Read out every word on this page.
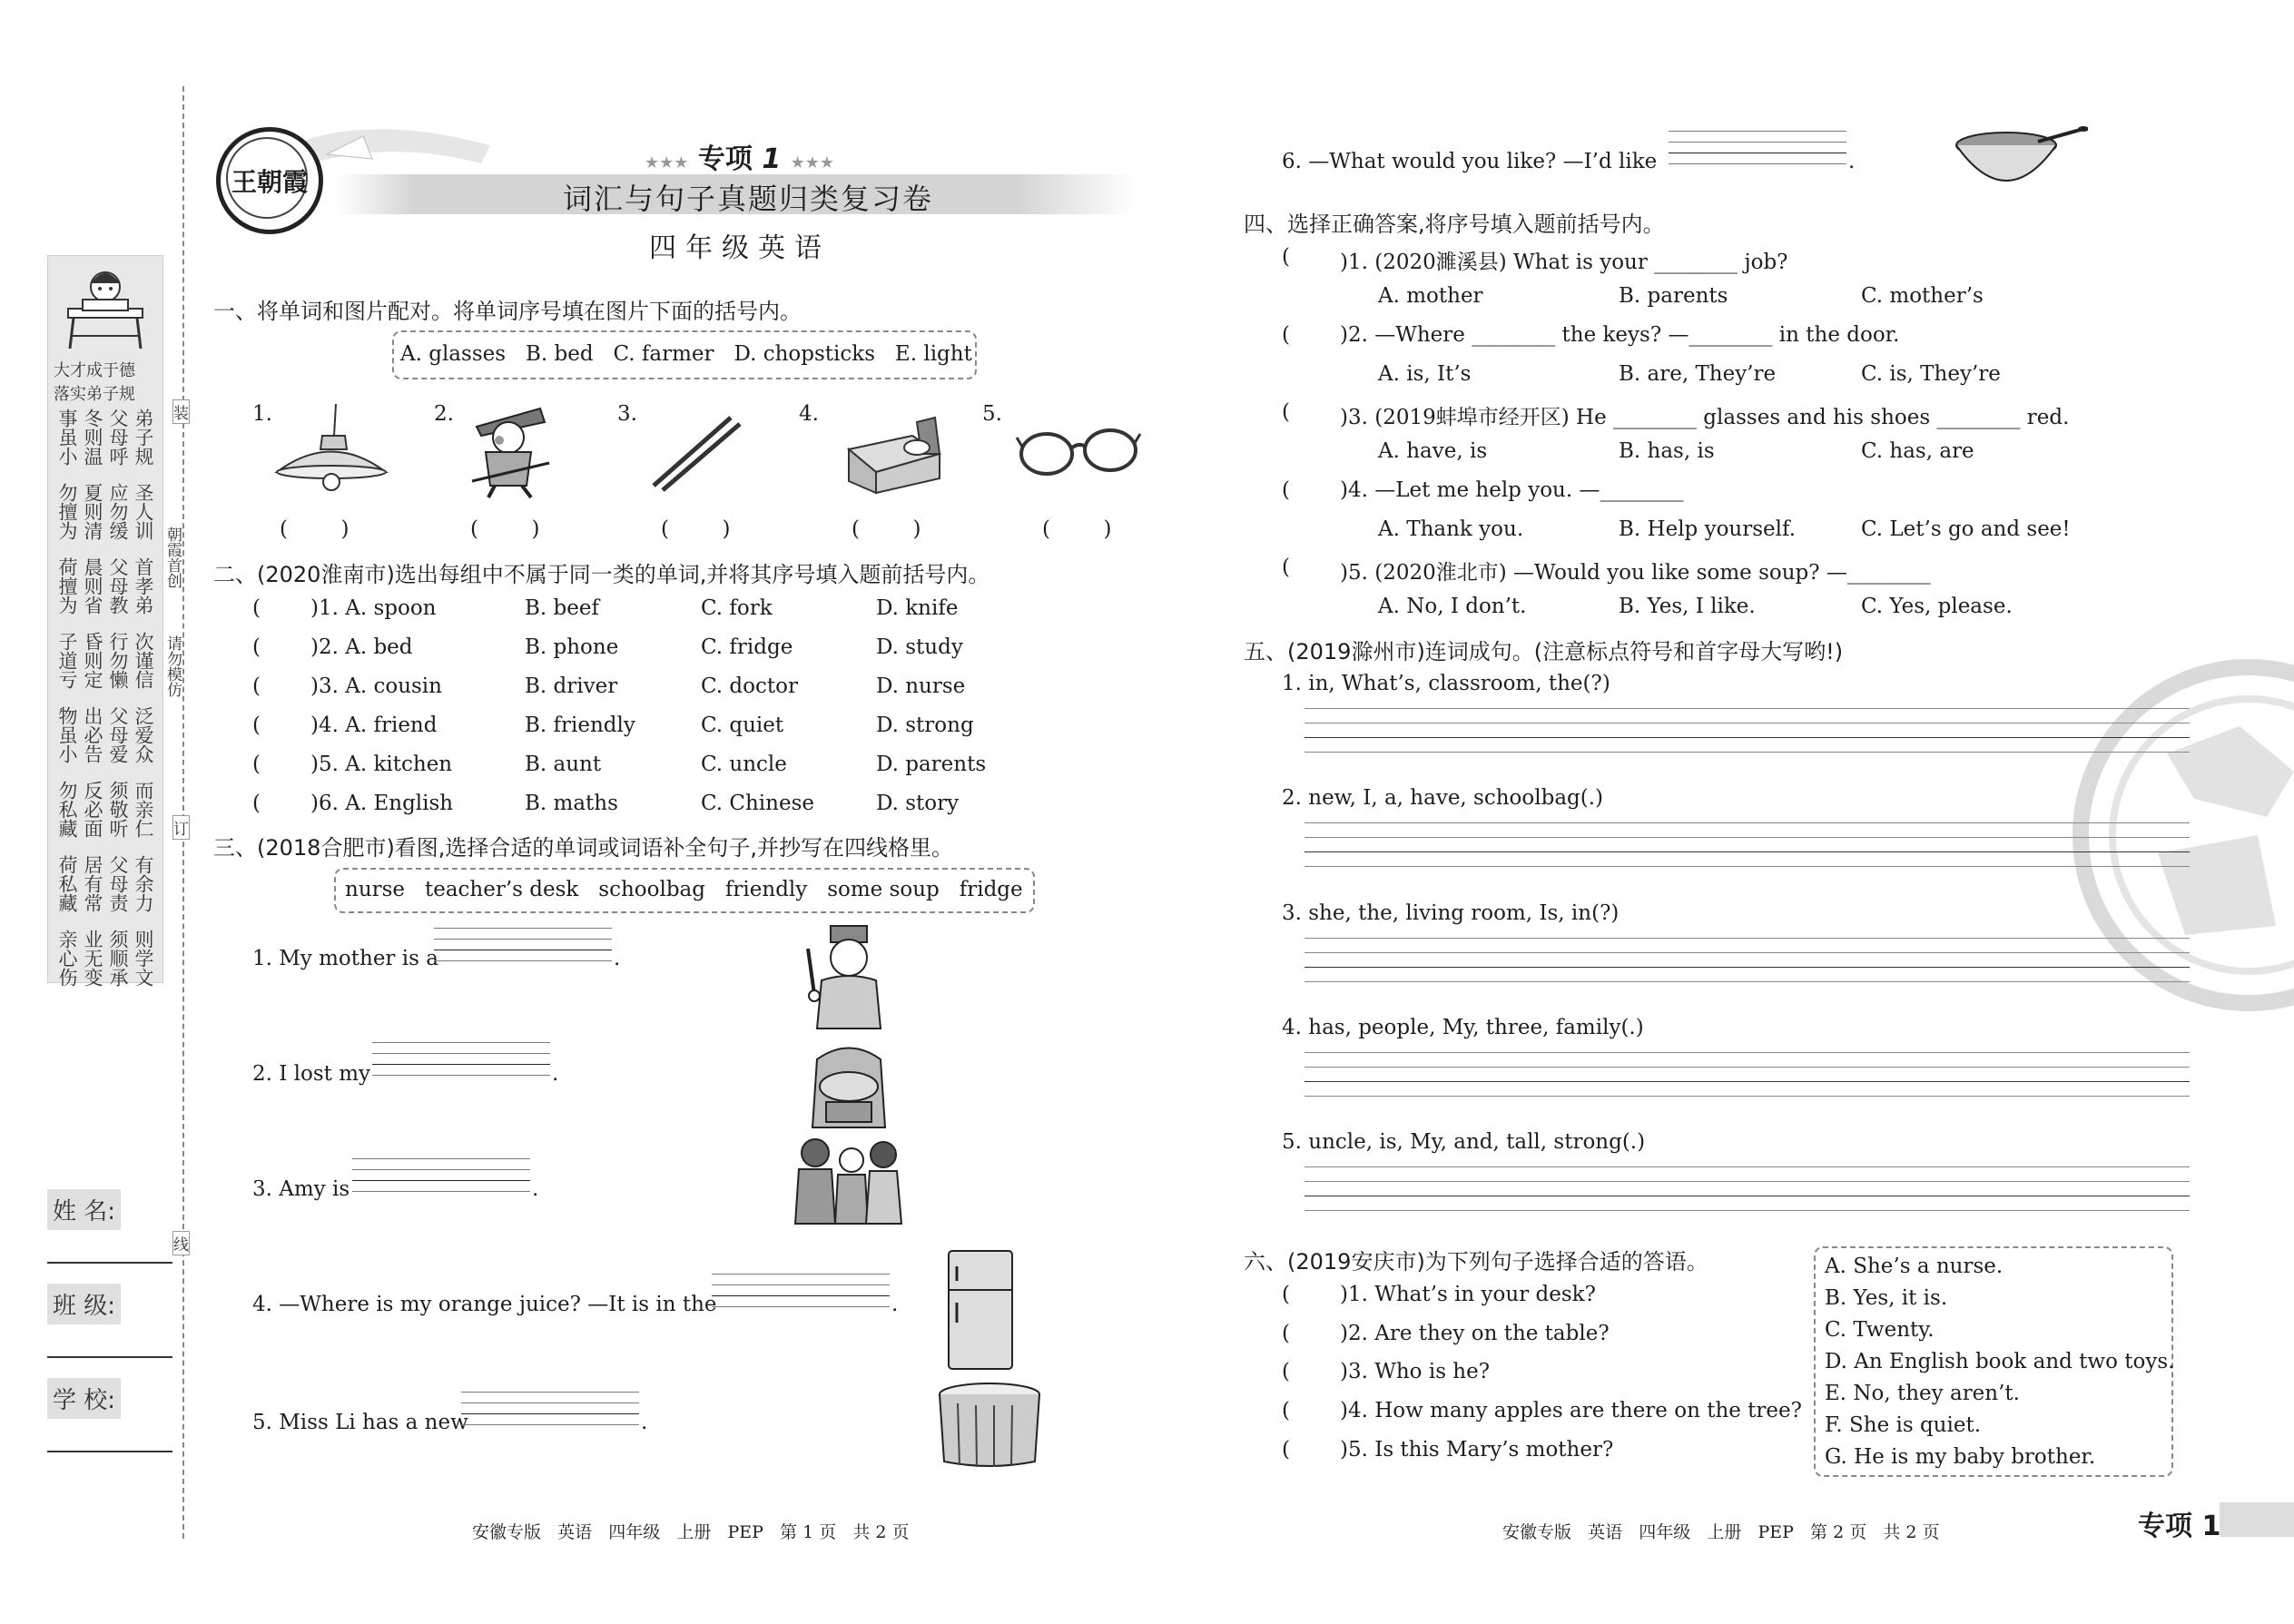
大才成于德
落实弟子规
事虽小 冬则温 父母呼 弟子规
勿擅为 夏则清 应勿缓 圣人训
荷擅为 晨则省 父母教 首孝弟
子道亏 昏则定 行勿懒 次谨信
物虽小 出必告 父母爱 泛爱众
勿私藏 反必面 须敬听 而亲仁
荷私藏 居有常 父母责 有余力
亲心伤 业无变 须顺承 则学文
朝霞首创
请勿模仿
装
订
线
姓 名:
班 级:
学 校:
王朝霞
★★★ 专项 1 ★★★
词汇与句子真题归类复习卷
四年级英语
一、将单词和图片配对。将单词序号填在图片下面的括号内。
A. glasses   B. bed   C. farmer   D. chopsticks   E. light
1.	2.	3.	4.	5.
(        )	(        )	(        )	(        )	(        )
二、(2020淮南市)选出每组中不属于同一类的单词,并将其序号填入题前括号内。
( )1. A. spoon	B. beef	C. fork	D. knife
( )2. A. bed	B. phone	C. fridge	D. study
( )3. A. cousin	B. driver	C. doctor	D. nurse
( )4. A. friend	B. friendly	C. quiet	D. strong
( )5. A. kitchen	B. aunt	C. uncle	D. parents
( )6. A. English	B. maths	C. Chinese	D. story
三、(2018合肥市)看图,选择合适的单词或词语补全句子,并抄写在四线格里。
nurse   teacher’s desk   schoolbag   friendly   some soup   fridge
1. My mother is a	.
2. I lost my	.
3. Amy is	.
4. —Where is my orange juice? —It is in the	.
5. Miss Li has a new	.
6. —What would you like? —I’d like	.
四、选择正确答案,将序号填入题前括号内。
( )1. (2020濉溪县) What is your ________ job?
A. mother	B. parents	C. mother’s
( )2. —Where ________ the keys? —________ in the door.
A. is, It’s	B. are, They’re	C. is, They’re
( )3. (2019蚌埠市经开区) He ________ glasses and his shoes ________ red.
A. have, is	B. has, is	C. has, are
( )4. —Let me help you. —________
A. Thank you.	B. Help yourself.	C. Let’s go and see!
( )5. (2020淮北市) —Would you like some soup? —________
A. No, I don’t.	B. Yes, I like.	C. Yes, please.
五、(2019滁州市)连词成句。(注意标点符号和首字母大写哟!)
1. in, What’s, classroom, the(?)
2. new, I, a, have, schoolbag(.)
3. she, the, living room, Is, in(?)
4. has, people, My, three, family(.)
5. uncle, is, My, and, tall, strong(.)
六、(2019安庆市)为下列句子选择合适的答语。
( )1. What’s in your desk?
( )2. Are they on the table?
( )3. Who is he?
( )4. How many apples are there on the tree?
( )5. Is this Mary’s mother?
A. She’s a nurse.
B. Yes, it is.
C. Twenty.
D. An English book and two toys.
E. No, they aren’t.
F. She is quiet.
G. He is my baby brother.
安徽专版   英语   四年级   上册   PEP   第 1 页   共 2 页	安徽专版   英语   四年级   上册   PEP   第 2 页   共 2 页	专项 1
